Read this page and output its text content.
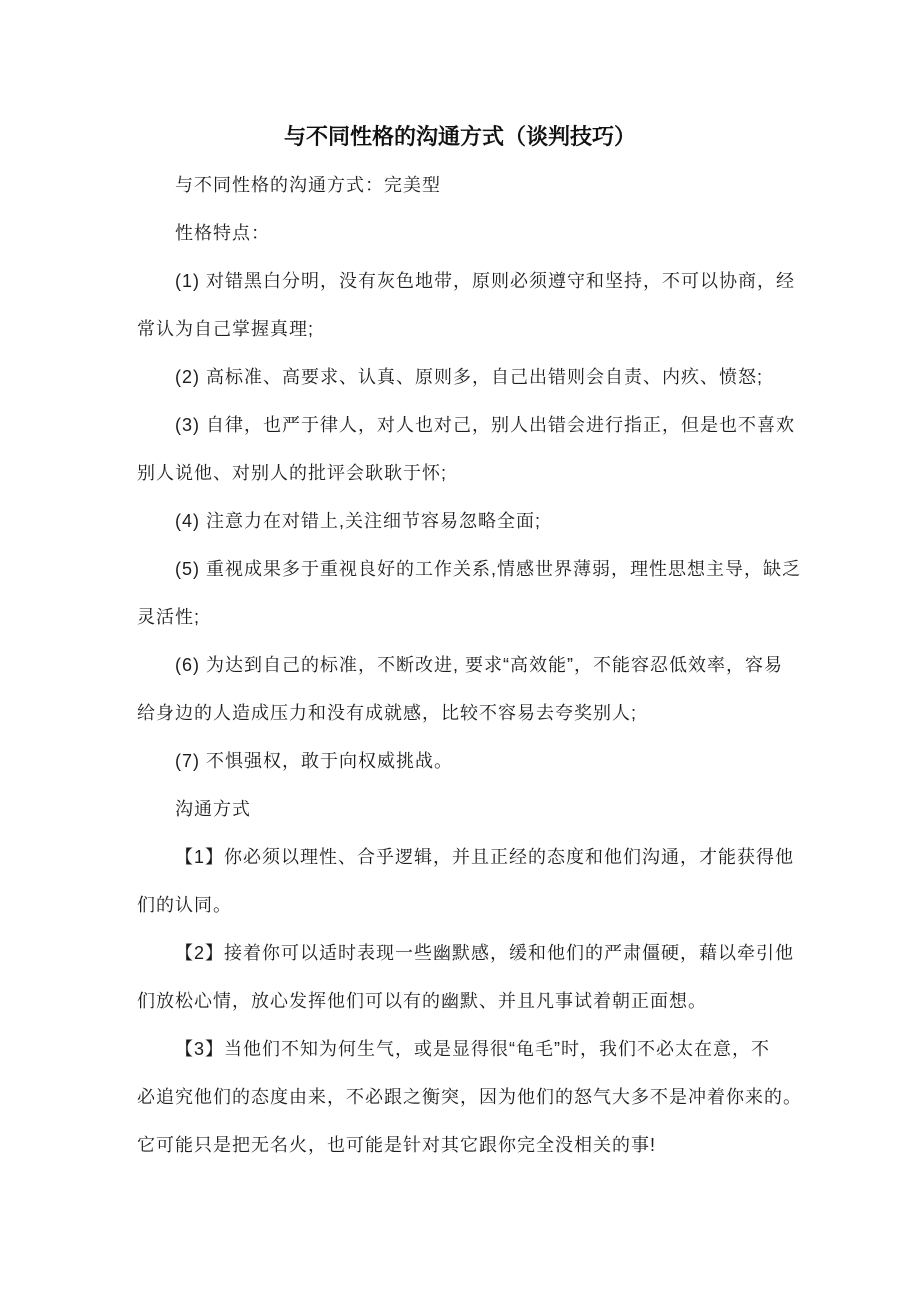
与不同性格的沟通方式（谈判技巧）
与不同性格的沟通方式：完美型
性格特点：
(1) 对错黑白分明，没有灰色地带，原则必须遵守和坚持，不可以协商，经
常认为自己掌握真理;
(2) 高标准、高要求、认真、原则多，自己出错则会自责、内疚、愤怒;
(3) 自律，也严于律人，对人也对己，别人出错会进行指正，但是也不喜欢
别人说他、对别人的批评会耿耿于怀;
(4) 注意力在对错上,关注细节容易忽略全面;
(5) 重视成果多于重视良好的工作关系,情感世界薄弱，理性思想主导，缺乏
灵活性;
(6) 为达到自己的标准，不断改进, 要求“高效能”，不能容忍低效率，容易
给身边的人造成压力和没有成就感，比较不容易去夸奖别人;
(7) 不惧强权，敢于向权威挑战。
沟通方式
【1】你必须以理性、合乎逻辑，并且正经的态度和他们沟通，才能获得他
们的认同。
【2】接着你可以适时表现一些幽默感，缓和他们的严肃僵硬，藉以牵引他
们放松心情，放心发挥他们可以有的幽默、并且凡事试着朝正面想。
【3】当他们不知为何生气，或是显得很“龟毛”时，我们不必太在意，不
必追究他们的态度由来，不必跟之衡突，因为他们的怒气大多不是冲着你来的。
它可能只是把无名火，也可能是针对其它跟你完全没相关的事!
